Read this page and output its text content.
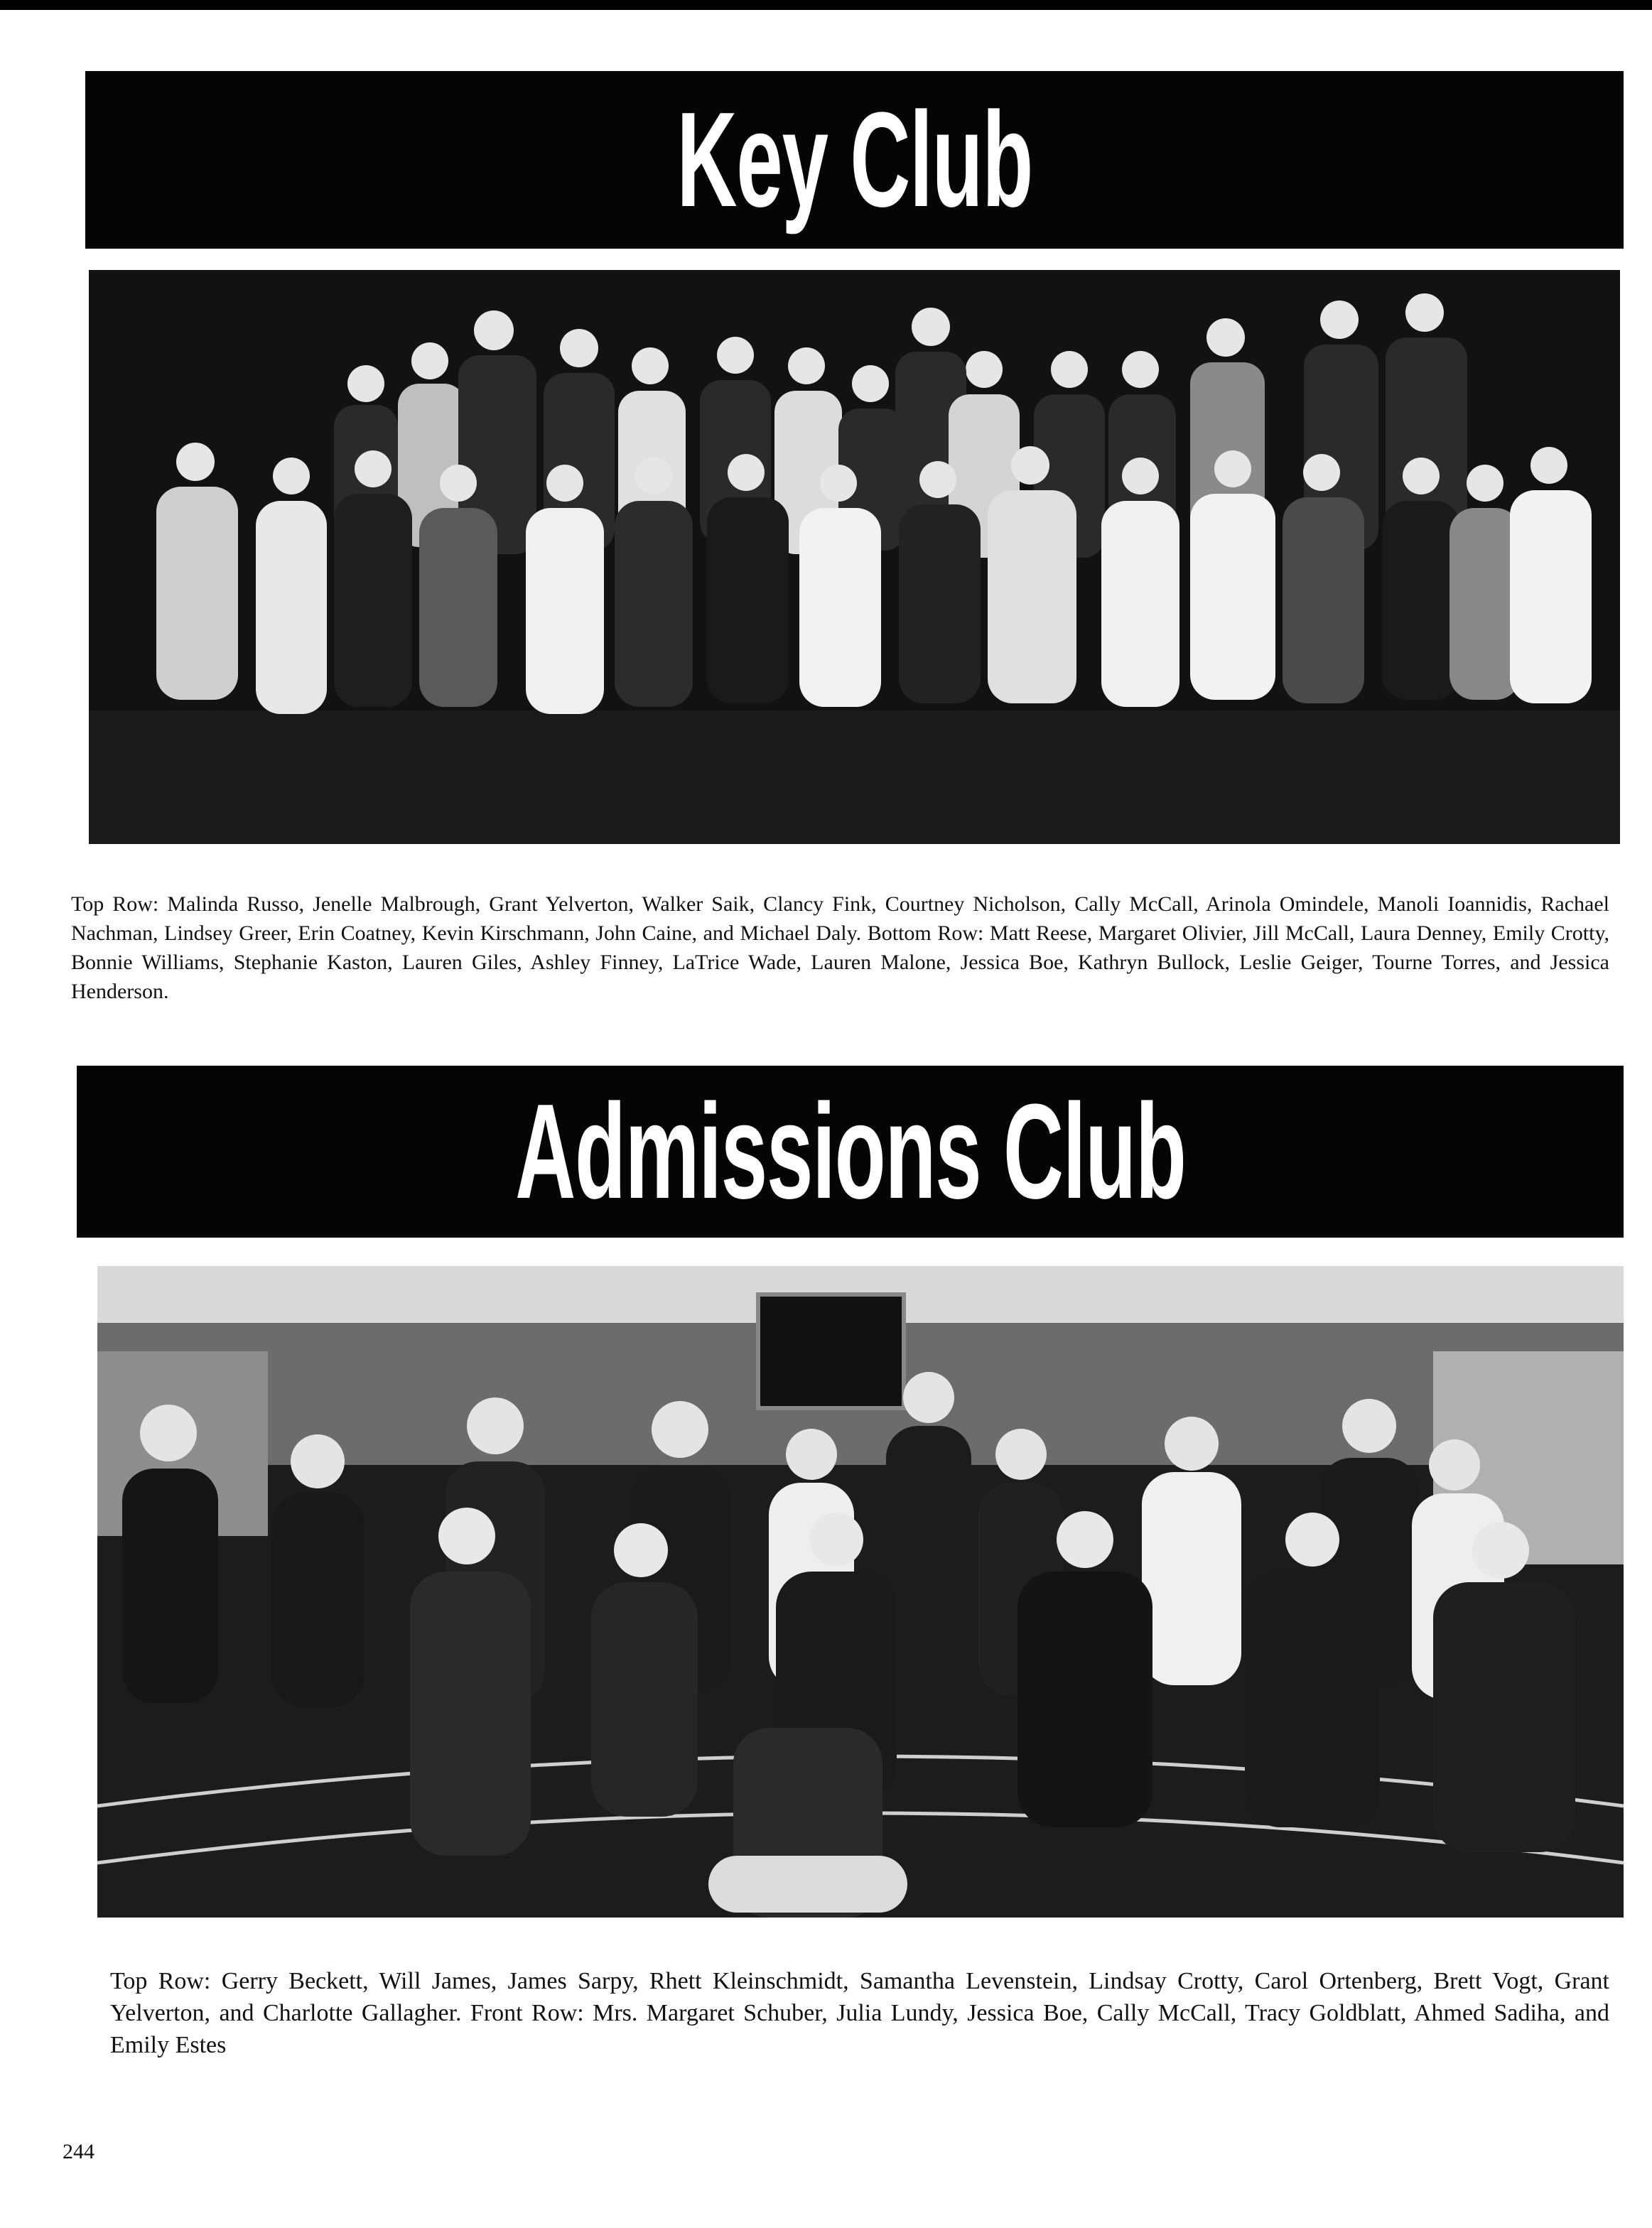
Key Club
Top Row: Malinda Russo, Jenelle Malbrough, Grant Yelverton, Walker Saik, Clancy Fink, Courtney Nicholson, Cally McCall, Arinola Omindele, Manoli Ioannidis, Rachael Nachman, Lindsey Greer, Erin Coatney, Kevin Kirschmann, John Caine, and Michael Daly. Bottom Row: Matt Reese, Margaret Olivier, Jill McCall, Laura Denney, Emily Crotty, Bonnie Williams, Stephanie Kaston, Lauren Giles, Ashley Finney, LaTrice Wade, Lauren Malone, Jessica Boe, Kathryn Bullock, Leslie Geiger, Tourne Torres, and Jessica Henderson.
Admissions Club
Top Row: Gerry Beckett, Will James, James Sarpy, Rhett Kleinschmidt, Samantha Levenstein, Lindsay Crotty, Carol Ortenberg, Brett Vogt, Grant Yelverton, and Charlotte Gallagher. Front Row: Mrs. Margaret Schuber, Julia Lundy, Jessica Boe, Cally McCall, Tracy Goldblatt, Ahmed Sadiha, and Emily Estes
244
